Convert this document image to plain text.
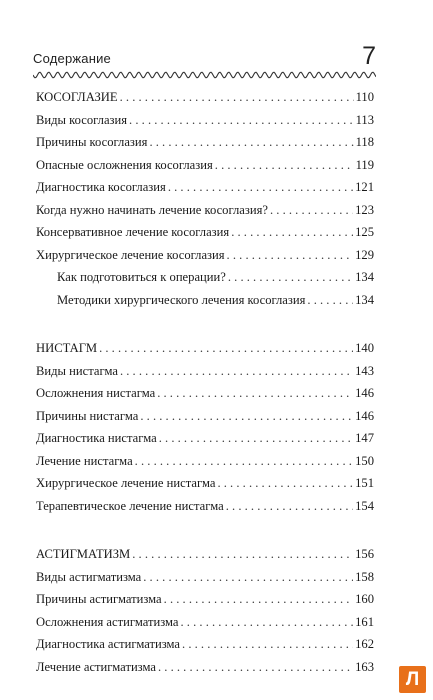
Содержание	7
КОСОГЛАЗИЕ . . .	110
Виды косоглазия . . .	113
Причины косоглазия . . .	118
Опасные осложнения косоглазия . . .	119
Диагностика косоглазия . . .	121
Когда нужно начинать лечение косоглазия? . . .	123
Консервативное лечение косоглазия . . .	125
Хирургическое лечение косоглазия . . .	129
Как подготовиться к операции? . . .	134
Методики хирургического лечения косоглазия . . .	134
НИСТАГМ . . .	140
Виды нистагма . . .	143
Осложнения нистагма . . .	146
Причины нистагма . . .	146
Диагностика нистагма . . .	147
Лечение нистагма . . .	150
Хирургическое лечение нистагма . . .	151
Терапевтическое лечение нистагма . . .	154
АСТИГМАТИЗМ . . .	156
Виды астигматизма . . .	158
Причины астигматизма . . .	160
Осложнения астигматизма . . .	161
Диагностика астигматизма . . .	162
Лечение астигматизма . . .	163
Л
